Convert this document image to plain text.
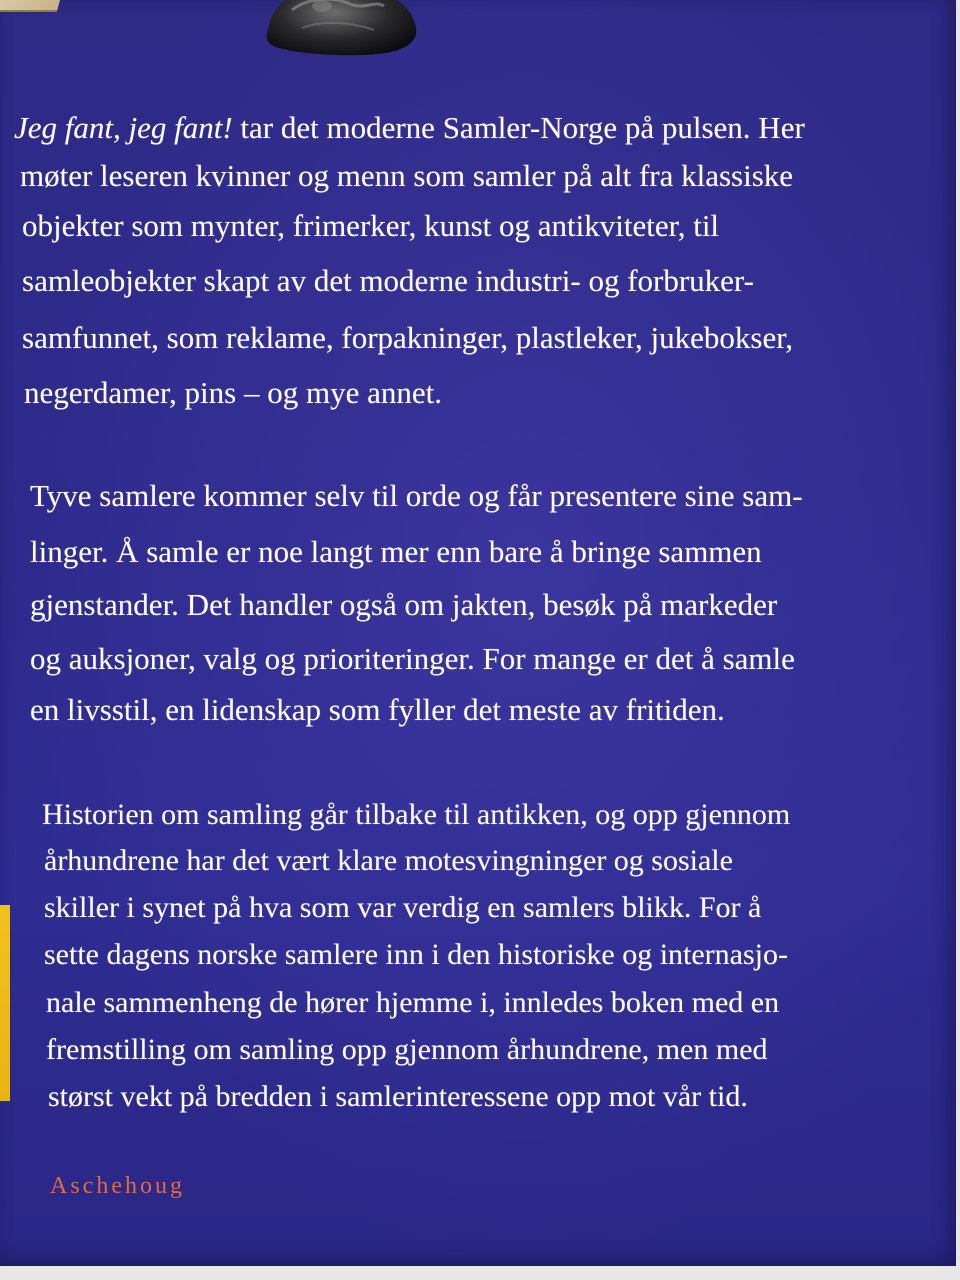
Jeg fant, jeg fant! tar det moderne Samler-Norge på pulsen. Her
møter leseren kvinner og menn som samler på alt fra klassiske
objekter som mynter, frimerker, kunst og antikviteter, til
samleobjekter skapt av det moderne industri- og forbruker-
samfunnet, som reklame, forpakninger, plastleker, jukebokser,
negerdamer, pins – og mye annet.
Tyve samlere kommer selv til orde og får presentere sine sam-
linger. Å samle er noe langt mer enn bare å bringe sammen
gjenstander. Det handler også om jakten, besøk på markeder
og auksjoner, valg og prioriteringer. For mange er det å samle
en livsstil, en lidenskap som fyller det meste av fritiden.
Historien om samling går tilbake til antikken, og opp gjennom
århundrene har det vært klare motesvingninger og sosiale
skiller i synet på hva som var verdig en samlers blikk. For å
sette dagens norske samlere inn i den historiske og internasjo-
nale sammenheng de hører hjemme i, innledes boken med en
fremstilling om samling opp gjennom århundrene, men med
størst vekt på bredden i samlerinteressene opp mot vår tid.
Aschehoug
